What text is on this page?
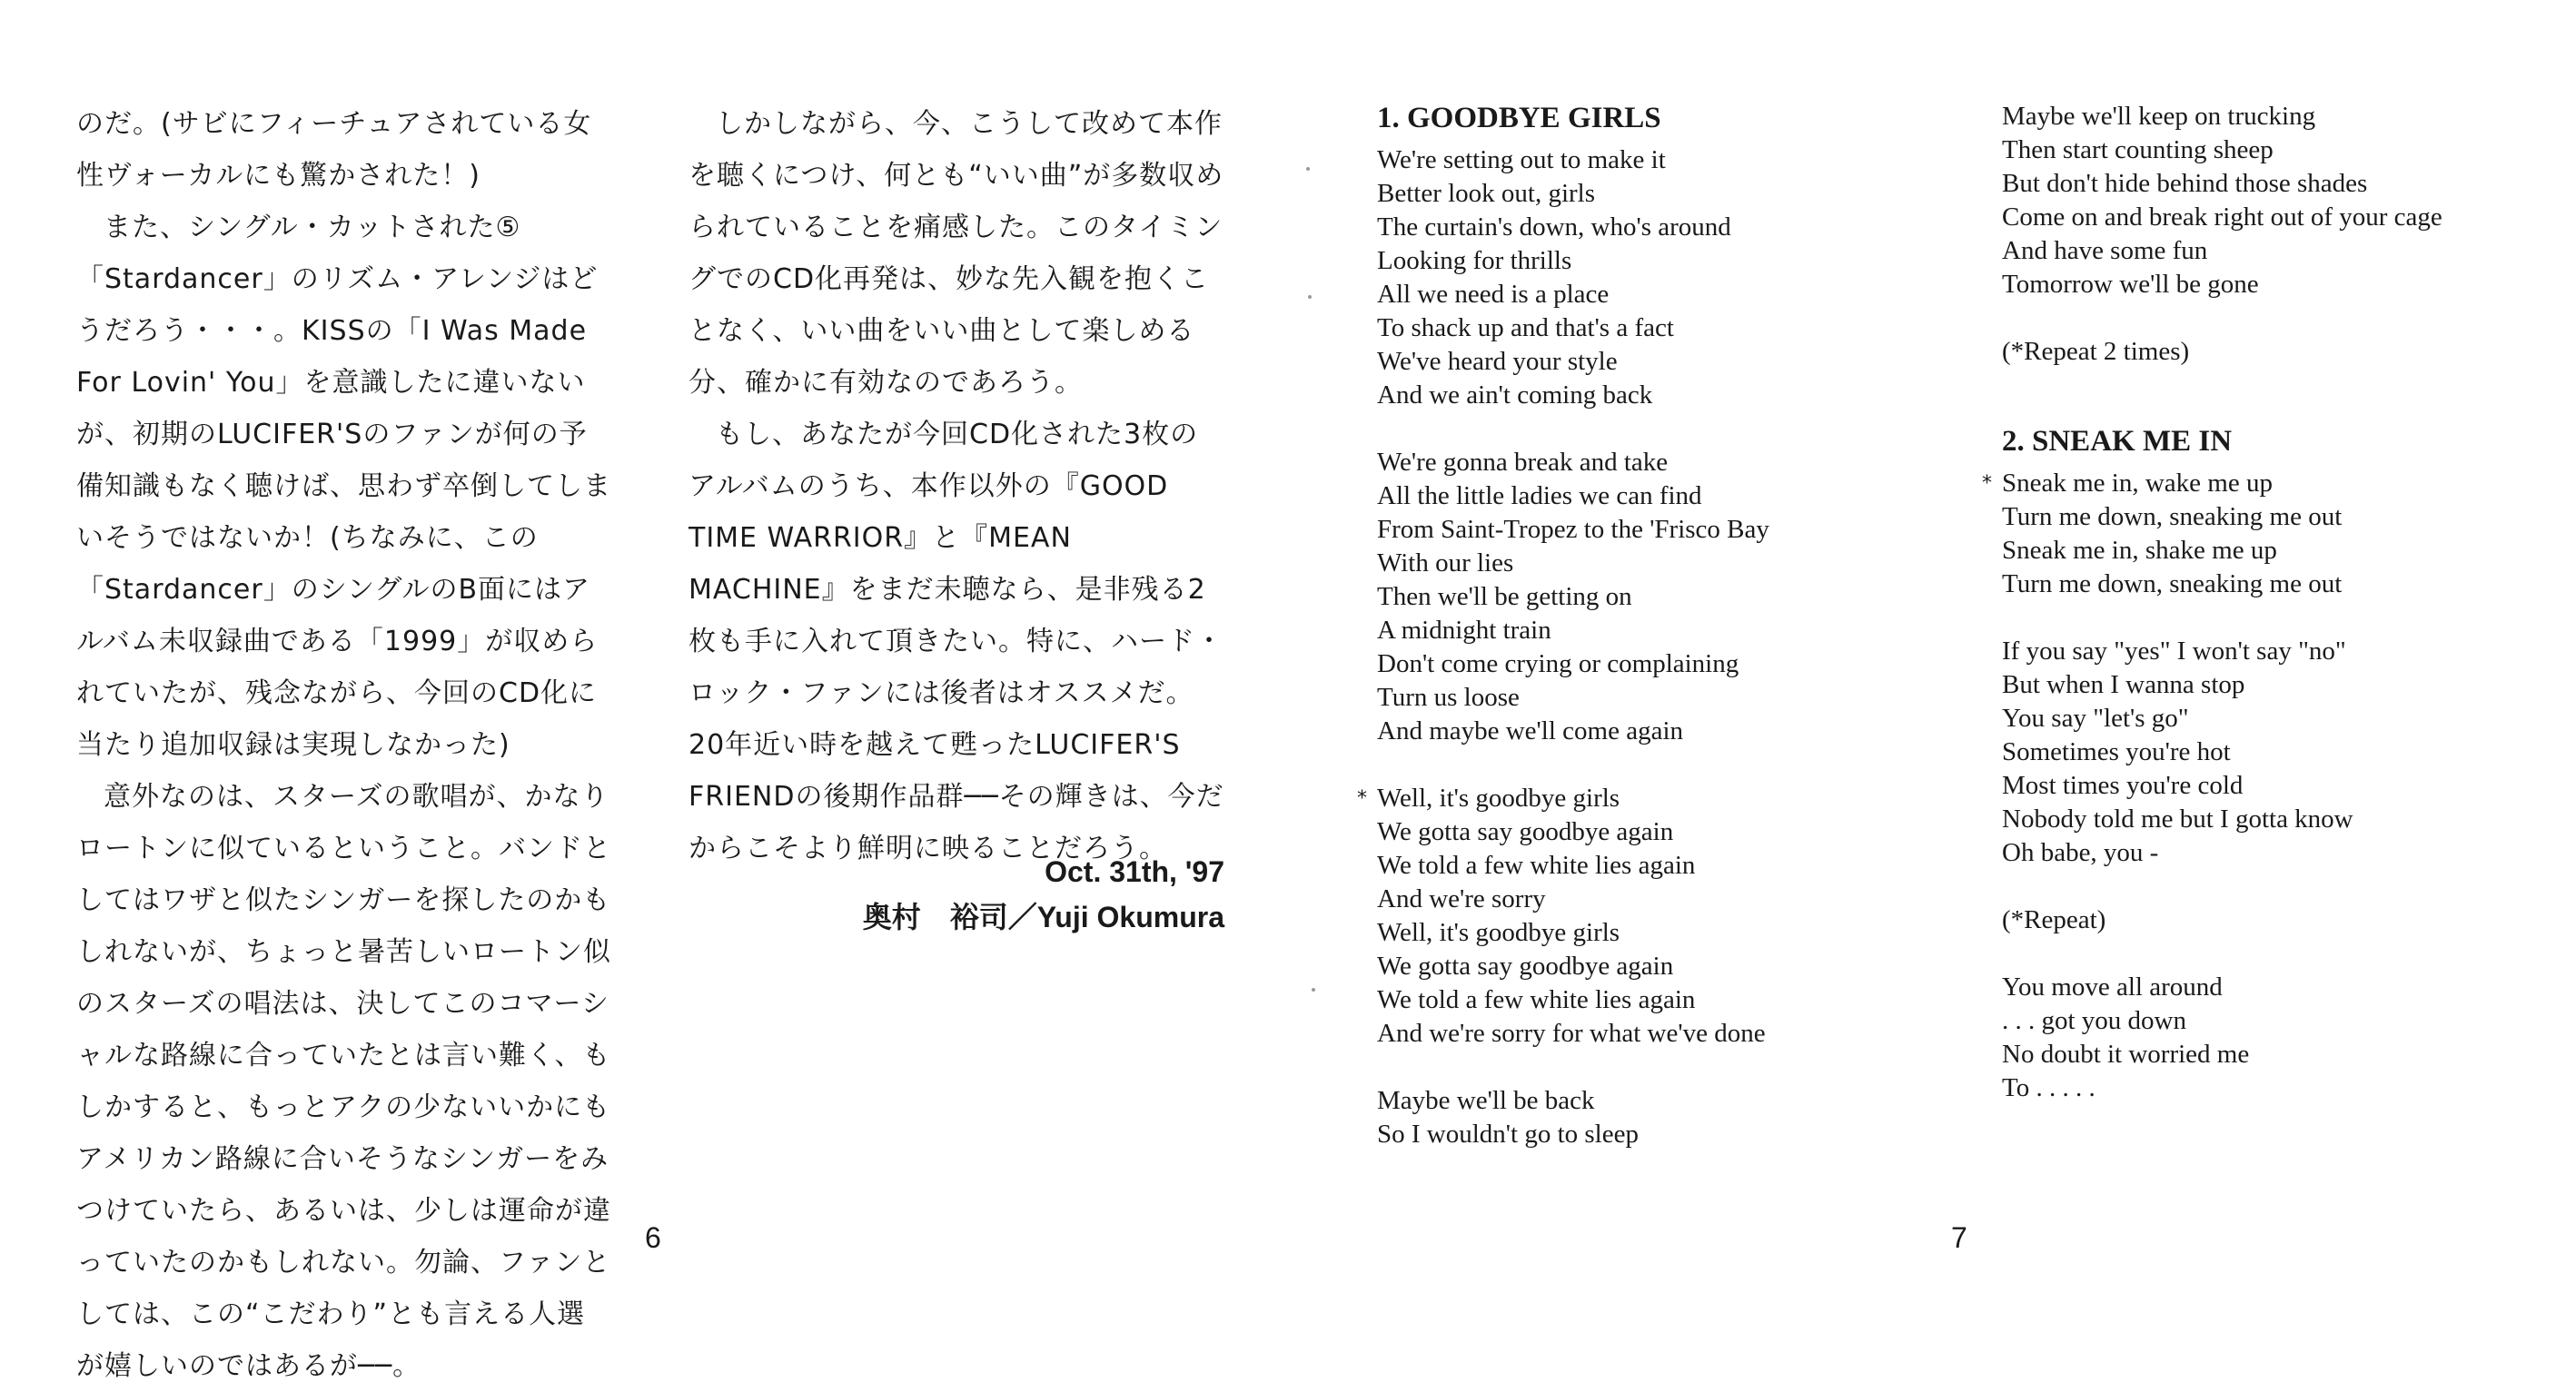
のだ。(サビにフィーチュアされている女性ヴォーカルにも驚かされた！)

また、シングル・カットされた⑤「Stardancer」のリズム・アレンジはどうだろう・・・。KISSの「I Was Made For Lovin' You」を意識したに違いないが、初期のLUCIFER'Sのファンが何の予備知識もなく聴けば、思わず卒倒してしまいそうではないか！(ちなみに、この「Stardancer」のシングルのB面にはアルバム未収録曲である「1999」が収められていたが、残念ながら、今回のCD化に当たり追加収録は実現しなかった)

意外なのは、スターズの歌唱が、かなりロートンに似ているということ。バンドとしてはワザと似たシンガーを探したのかもしれないが、ちょっと暑苦しいロートン似のスターズの唱法は、決してこのコマーシャルな路線に合っていたとは言い難く、もしかすると、もっとアクの少ないいかにもアメリカン路線に合いそうなシンガーをみつけていたら、あるいは、少しは運命が違っていたのかもしれない。勿論、ファンとしては、この“こだわり”とも言える人選が嬉しいのではあるが──。

しかしながら、今、こうして改めて本作を聴くにつけ、何とも“いい曲”が多数収められていることを痛感した。このタイミングでのCD化再発は、妙な先入観を抱くことなく、いい曲をいい曲として楽しめる分、確かに有効なのであろう。

もし、あなたが今回CD化された3枚のアルバムのうち、本作以外の『GOOD TIME WARRIOR』と『MEAN MACHINE』をまだ未聴なら、是非残る2枚も手に入れて頂きたい。特に、ハード・ロック・ファンには後者はオススメだ。20年近い時を越えて甦ったLUCIFER'S FRIENDの後期作品群──その輝きは、今だからこそより鮮明に映ることだろう。

Oct. 31th, '97
奥村　裕司／Yuji Okumura
6
1. GOODBYE GIRLS
We're setting out to make it
Better look out, girls
The curtain's down, who's around
Looking for thrills
All we need is a place
To shack up and that's a fact
We've heard your style
And we ain't coming back
We're gonna break and take
All the little ladies we can find
From Saint-Tropez to the 'Frisco Bay
With our lies
Then we'll be getting on
A midnight train
Don't come crying or complaining
Turn us loose
And maybe we'll come again
* Well, it's goodbye girls
We gotta say goodbye again
We told a few white lies again
And we're sorry
Well, it's goodbye girls
We gotta say goodbye again
We told a few white lies again
And we're sorry for what we've done
Maybe we'll be back
So I wouldn't go to sleep
Maybe we'll keep on trucking
Then start counting sheep
But don't hide behind those shades
Come on and break right out of your cage
And have some fun
Tomorrow we'll be gone
(*Repeat 2 times)
2. SNEAK ME IN
* Sneak me in, wake me up
Turn me down, sneaking me out
Sneak me in, shake me up
Turn me down, sneaking me out
If you say "yes" I won't say "no"
But when I wanna stop
You say "let's go"
Sometimes you're hot
Most times you're cold
Nobody told me but I gotta know
Oh babe, you -
(*Repeat)
You move all around
. . . got you down
No doubt it worried me
To . . . . .
7
